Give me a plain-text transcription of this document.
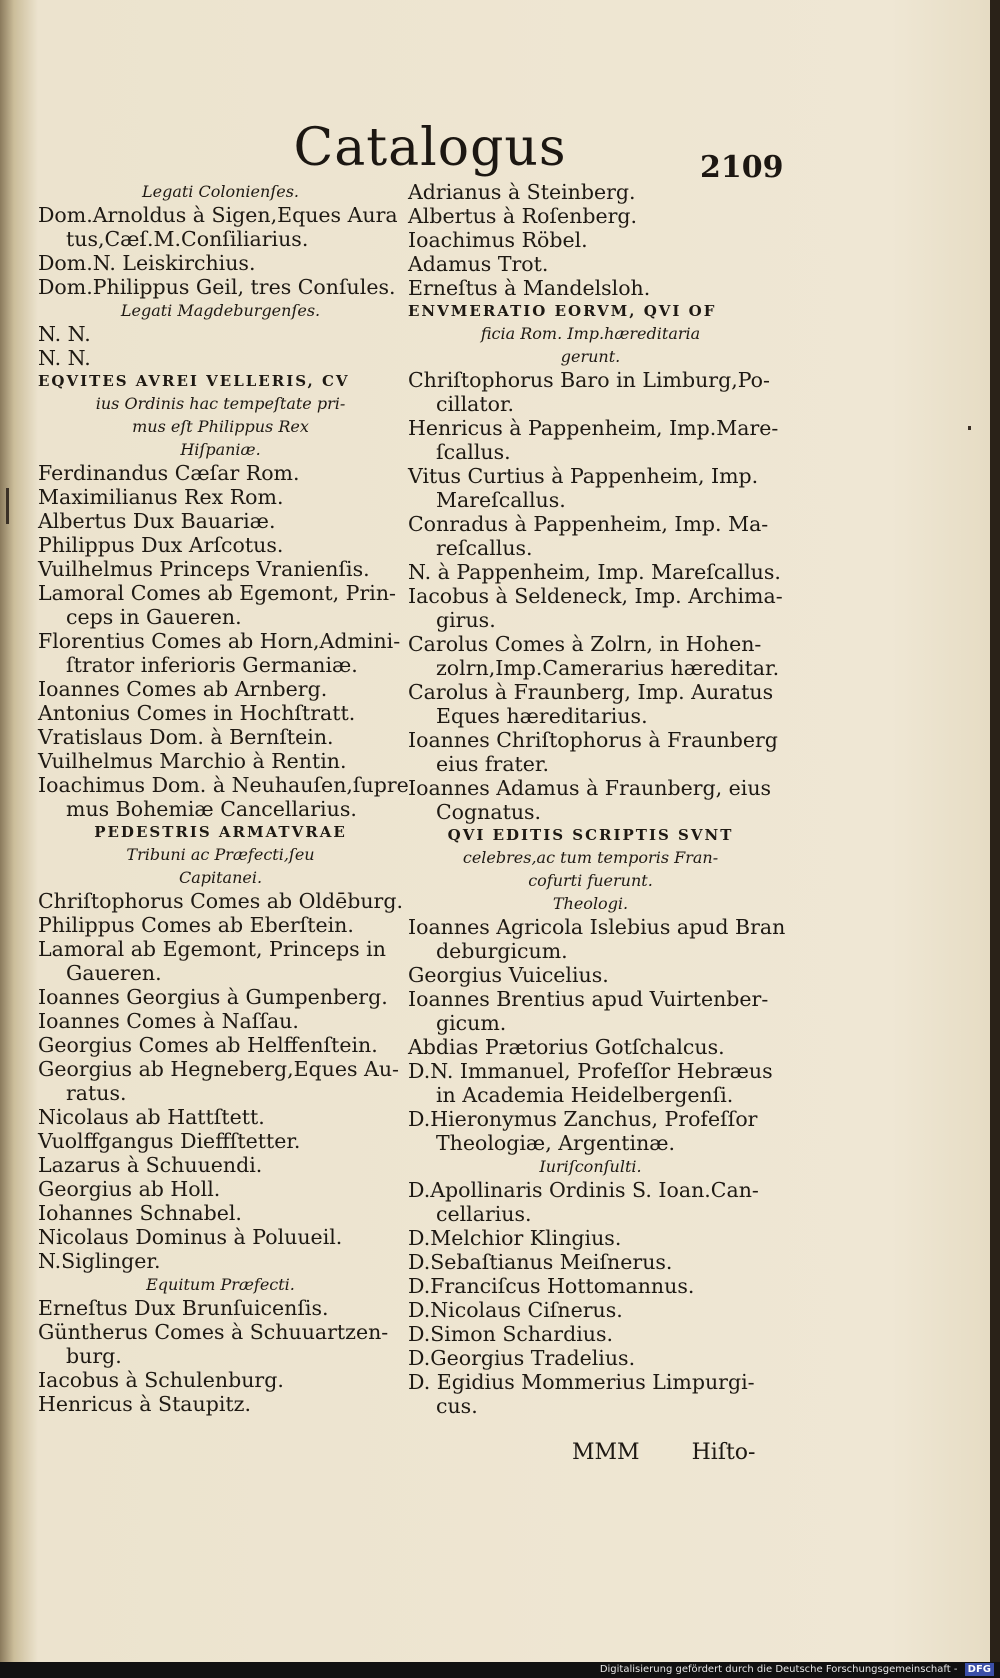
Catalogus	2109
Legati Colonienſes.
Dom.Arnoldus à Sigen,Eques Aura
tus,Cæſ.M.Conſiliarius.
Dom.N. Leiskirchius.
Dom.Philippus Geil, tres Conſules.
Legati Magdeburgenſes.
N. N.
N. N.
EQVITES AVREI VELLERIS, CV
ius Ordinis hac tempeſtate pri-
mus eſt Philippus Rex
Hiſpaniæ.
Ferdinandus Cæſar Rom.
Maximilianus Rex Rom.
Albertus Dux Bauariæ.
Philippus Dux Arſcotus.
Vuilhelmus Princeps Vranienſis.
Lamoral Comes ab Egemont, Prin-
ceps in Gaueren.
Florentius Comes ab Horn,Admini-
ſtrator inferioris Germaniæ.
Ioannes Comes ab Arnberg.
Antonius Comes in Hochſtratt.
Vratislaus Dom. à Bernſtein.
Vuilhelmus Marchio à Rentin.
Ioachimus Dom. à Neuhauſen,ſupre
mus Bohemiæ Cancellarius.
PEDESTRIS ARMATVRAE
Tribuni ac Præfecti,ſeu
Capitanei.
Chriſtophorus Comes ab Oldēburg.
Philippus Comes ab Eberſtein.
Lamoral ab Egemont, Princeps in
Gaueren.
Ioannes Georgius à Gumpenberg.
Ioannes Comes à Naſſau.
Georgius Comes ab Helffenſtein.
Georgius ab Hegneberg,Eques Au-
ratus.
Nicolaus ab Hattſtett.
Vuolffgangus Dieffſtetter.
Lazarus à Schuuendi.
Georgius ab Holl.
Iohannes Schnabel.
Nicolaus Dominus à Poluueil.
N.Siglinger.
Equitum Præfecti.
Erneſtus Dux Brunſuicenſis.
Güntherus Comes à Schuuartzen-
burg.
Iacobus à Schulenburg.
Henricus à Staupitz.
Adrianus à Steinberg.
Albertus à Roſenberg.
Ioachimus Röbel.
Adamus Trot.
Erneſtus à Mandelsloh.
ENVMERATIO EORVM, QVI OF
ficia Rom. Imp.hæreditaria
gerunt.
Chriſtophorus Baro in Limburg,Po-
cillator.
Henricus à Pappenheim, Imp.Mare-
ſcallus.
Vitus Curtius à Pappenheim, Imp.
Mareſcallus.
Conradus à Pappenheim, Imp. Ma-
reſcallus.
N. à Pappenheim, Imp. Mareſcallus.
Iacobus à Seldeneck, Imp. Archima-
girus.
Carolus Comes à Zolrn, in Hohen-
zolrn,Imp.Camerarius hæreditar.
Carolus à Fraunberg, Imp. Auratus
Eques hæreditarius.
Ioannes Chriſtophorus à Fraunberg
eius frater.
Ioannes Adamus à Fraunberg, eius
Cognatus.
QVI EDITIS SCRIPTIS SVNT
celebres,ac tum temporis Fran-
cofurti fuerunt.
Theologi.
Ioannes Agricola Islebius apud Bran
deburgicum.
Georgius Vuicelius.
Ioannes Brentius apud Vuirtenber-
gicum.
Abdias Prætorius Gotſchalcus.
D.N. Immanuel, Profeſſor Hebræus
in Academia Heidelbergenſi.
D.Hieronymus Zanchus, Profeſſor
Theologiæ, Argentinæ.
Iuriſconſulti.
D.Apollinaris Ordinis S. Ioan.Can-
cellarius.
D.Melchior Klingius.
D.Sebaſtianus Meiſnerus.
D.Franciſcus Hottomannus.
D.Nicolaus Ciſnerus.
D.Simon Schardius.
D.Georgius Tradelius.
D. Egidius Mommerius Limpurgi-
cus.
MMM Hiſto-
Digitalisierung gefördert durch die Deutsche Forschungsgemeinschaft - DFG
